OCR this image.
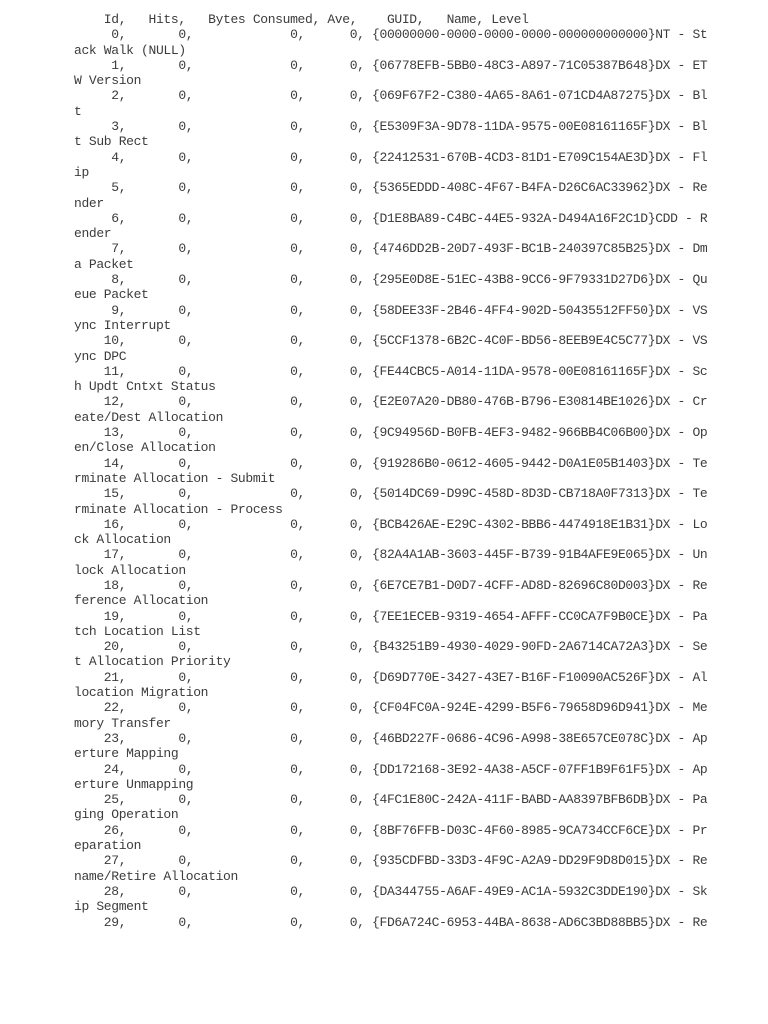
Id,   Hits,   Bytes Consumed, Ave,    GUID,   Name, Level
0,       0,             0,      0, {00000000-0000-0000-0000-000000000000}NT - St
ack Walk (NULL)
1,       0,             0,      0, {06778EFB-5BB0-48C3-A897-71C05387B648}DX - ET
W Version
2,       0,             0,      0, {069F67F2-C380-4A65-8A61-071CD4A87275}DX - Bl
t
3,       0,             0,      0, {E5309F3A-9D78-11DA-9575-00E08161165F}DX - Bl
t Sub Rect
4,       0,             0,      0, {22412531-670B-4CD3-81D1-E709C154AE3D}DX - Fl
ip
5,       0,             0,      0, {5365EDDD-408C-4F67-B4FA-D26C6AC33962}DX - Re
nder
6,       0,             0,      0, {D1E8BA89-C4BC-44E5-932A-D494A16F2C1D}CDD - R
ender
7,       0,             0,      0, {4746DD2B-20D7-493F-BC1B-240397C85B25}DX - Dm
a Packet
8,       0,             0,      0, {295E0D8E-51EC-43B8-9CC6-9F79331D27D6}DX - Qu
eue Packet
9,       0,             0,      0, {58DEE33F-2B46-4FF4-902D-50435512FF50}DX - VS
ync Interrupt
10,       0,             0,      0, {5CCF1378-6B2C-4C0F-BD56-8EEB9E4C5C77}DX - VS
ync DPC
11,       0,             0,      0, {FE44CBC5-A014-11DA-9578-00E08161165F}DX - Sc
h Updt Cntxt Status
12,       0,             0,      0, {E2E07A20-DB80-476B-B796-E30814BE1026}DX - Cr
eate/Dest Allocation
13,       0,             0,      0, {9C94956D-B0FB-4EF3-9482-966BB4C06B00}DX - Op
en/Close Allocation
14,       0,             0,      0, {919286B0-0612-4605-9442-D0A1E05B1403}DX - Te
rminate Allocation - Submit
15,       0,             0,      0, {5014DC69-D99C-458D-8D3D-CB718A0F7313}DX - Te
rminate Allocation - Process
16,       0,             0,      0, {BCB426AE-E29C-4302-BBB6-4474918E1B31}DX - Lo
ck Allocation
17,       0,             0,      0, {82A4A1AB-3603-445F-B739-91B4AFE9E065}DX - Un
lock Allocation
18,       0,             0,      0, {6E7CE7B1-D0D7-4CFF-AD8D-82696C80D003}DX - Re
ference Allocation
19,       0,             0,      0, {7EE1ECEB-9319-4654-AFFF-CC0CA7F9B0CE}DX - Pa
tch Location List
20,       0,             0,      0, {B43251B9-4930-4029-90FD-2A6714CA72A3}DX - Se
t Allocation Priority
21,       0,             0,      0, {D69D770E-3427-43E7-B16F-F10090AC526F}DX - Al
location Migration
22,       0,             0,      0, {CF04FC0A-924E-4299-B5F6-79658D96D941}DX - Me
mory Transfer
23,       0,             0,      0, {46BD227F-0686-4C96-A998-38E657CE078C}DX - Ap
erture Mapping
24,       0,             0,      0, {DD172168-3E92-4A38-A5CF-07FF1B9F61F5}DX - Ap
erture Unmapping
25,       0,             0,      0, {4FC1E80C-242A-411F-BABD-AA8397BFB6DB}DX - Pa
ging Operation
26,       0,             0,      0, {8BF76FFB-D03C-4F60-8985-9CA734CCF6CE}DX - Pr
eparation
27,       0,             0,      0, {935CDFBD-33D3-4F9C-A2A9-DD29F9D8D015}DX - Re
name/Retire Allocation
28,       0,             0,      0, {DA344755-A6AF-49E9-AC1A-5932C3DDE190}DX - Sk
ip Segment
29,       0,             0,      0, {FD6A724C-6953-44BA-8638-AD6C3BD88BB5}DX - Re
